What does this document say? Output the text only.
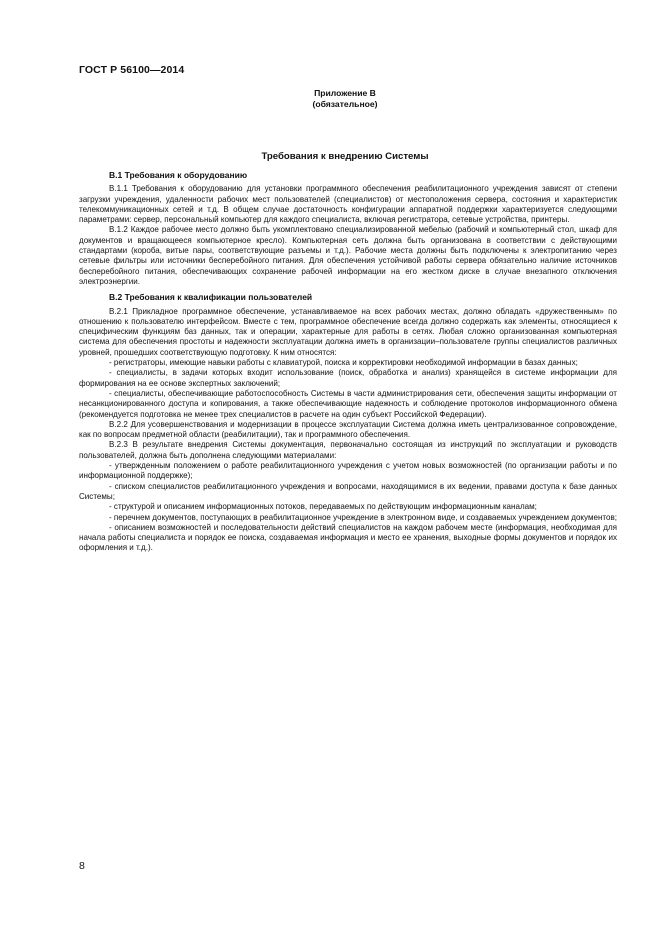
ГОСТ Р 56100—2014
Приложение В
(обязательное)
Требования к внедрению Системы
В.1 Требования к оборудованию

В.1.1 Требования к оборудованию для установки программного обеспечения реабилитационного учреждения зависят от степени загрузки учреждения, удаленности рабочих мест пользователей (специалистов) от местоположения сервера, состояния и характеристик телекоммуникационных сетей и т.д. В общем случае достаточность конфигурации аппаратной поддержки характеризуется следующими параметрами: сервер, персональный компьютер для каждого специалиста, включая регистратора, сетевые устройства, принтеры.

В.1.2 Каждое рабочее место должно быть укомплектовано специализированной мебелью (рабочий и компьютерный стол, шкаф для документов и вращающееся компьютерное кресло). Компьютерная сеть должна быть организована в соответствии с действующими стандартами (короба, витые пары, соответствующие разъемы и т.д.). Рабочие места должны быть подключены к электропитанию через сетевые фильтры или источники бесперебойного питания. Для обеспечения устойчивой работы сервера обязательно наличие источников бесперебойного питания, обеспечивающих сохранение рабочей информации на его жестком диске в случае внезапного отключения электроэнергии.

В.2 Требования к квалификации пользователей

В.2.1 Прикладное программное обеспечение, устанавливаемое на всех рабочих местах, должно обладать «дружественным» по отношению к пользователю интерфейсом. Вместе с тем, программное обеспечение всегда должно содержать как элементы, относящиеся к специфическим функциям баз данных, так и операции, характерные для работы в сетях. Любая сложно организованная компьютерная система для обеспечения простоты и надежности эксплуатации должна иметь в организации–пользователе группы специалистов различных уровней, прошедших соответствующую подготовку. К ним относятся:

- регистраторы, имеющие навыки работы с клавиатурой, поиска и корректировки необходимой информации в базах данных;

- специалисты, в задачи которых входит использование (поиск, обработка и анализ) хранящейся в системе информации для формирования на ее основе экспертных заключений;

- специалисты, обеспечивающие работоспособность Системы в части администрирования сети, обеспечения защиты информации от несанкционированного доступа и копирования, а также обеспечивающие надежность и соблюдение протоколов информационного обмена (рекомендуется подготовка не менее трех специалистов в расчете на один субъект Российской Федерации).

В.2.2 Для усовершенствования и модернизации в процессе эксплуатации Система должна иметь централизованное сопровождение, как по вопросам предметной области (реабилитации), так и программного обеспечения.

В.2.3 В результате внедрения Системы документация, первоначально состоящая из инструкций по эксплуатации и руководств пользователей, должна быть дополнена следующими материалами:

- утвержденным положением о работе реабилитационного учреждения с учетом новых возможностей (по организации работы и по информационной поддержке);

- списком специалистов реабилитационного учреждения и вопросами, находящимися в их ведении, правами доступа к базе данных Системы;

- структурой и описанием информационных потоков, передаваемых по действующим информационным каналам;

- перечнем документов, поступающих в реабилитационное учреждение в электронном виде, и создаваемых учреждением документов;

- описанием возможностей и последовательности действий специалистов на каждом рабочем месте (информация, необходимая для начала работы специалиста и порядок ее поиска, создаваемая информация и место ее хранения, выходные формы документов и порядок их оформления и т.д.).

8
